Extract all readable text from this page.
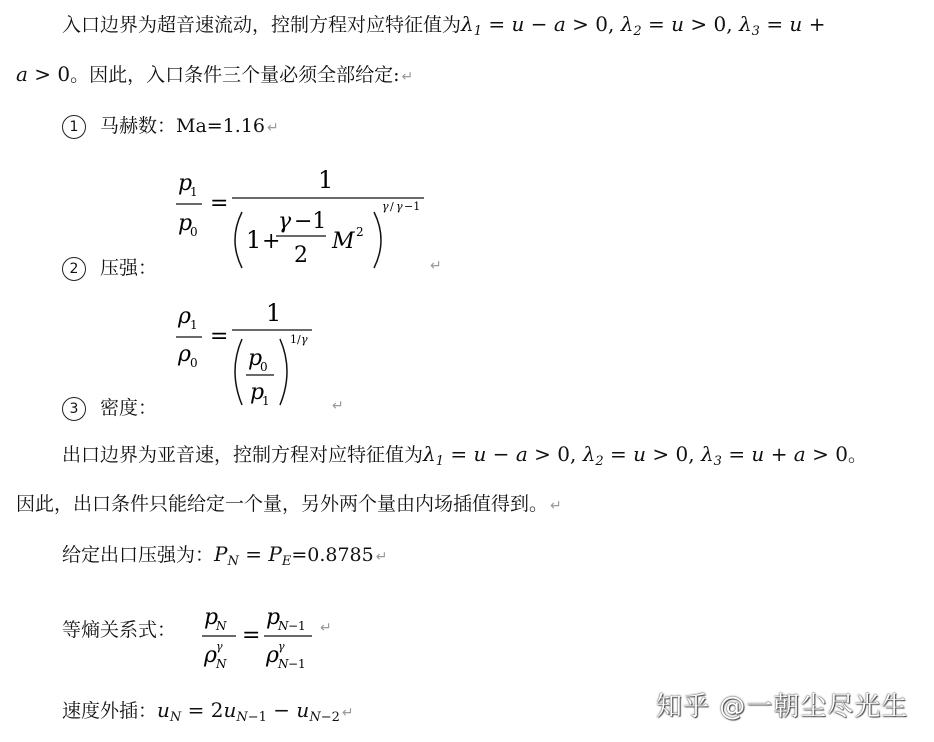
入口边界为超音速流动，控制方程对应特征值为$\lambda_1 = u - a > 0$, $\lambda_2 = u > 0$, $\lambda_3 = u$ +
a > 0。因此，入口条件三个量必须全部给定: ↵
1 马赫数：Ma=1.16 ↵
p
1
p
0
=
1
1 +
γ −1
2
M 2
γ / γ −1
2 压强：	↵
ρ 1
ρ 0
=
1
p
0
p
1
1/ γ
3 密度：	↵
出口边界为亚音速，控制方程对应特征值为$\lambda_1 = u - a > 0$, $\lambda_2 = u > 0$, $\lambda_3 = u + a > 0$。
因此，出口条件只能给定一个量，另外两个量由内场插值得到。 ↵
给定出口压强为：$P_N = P_E=0.8785$ ↵
等熵关系式： p
N
ρ γ
N
=
p
N −1
ρ γ
N −1
↵
速度外插：$u_N = 2u_{N-1} - u_{N-2}$ ↵	知乎 @一朝尘尽光生
